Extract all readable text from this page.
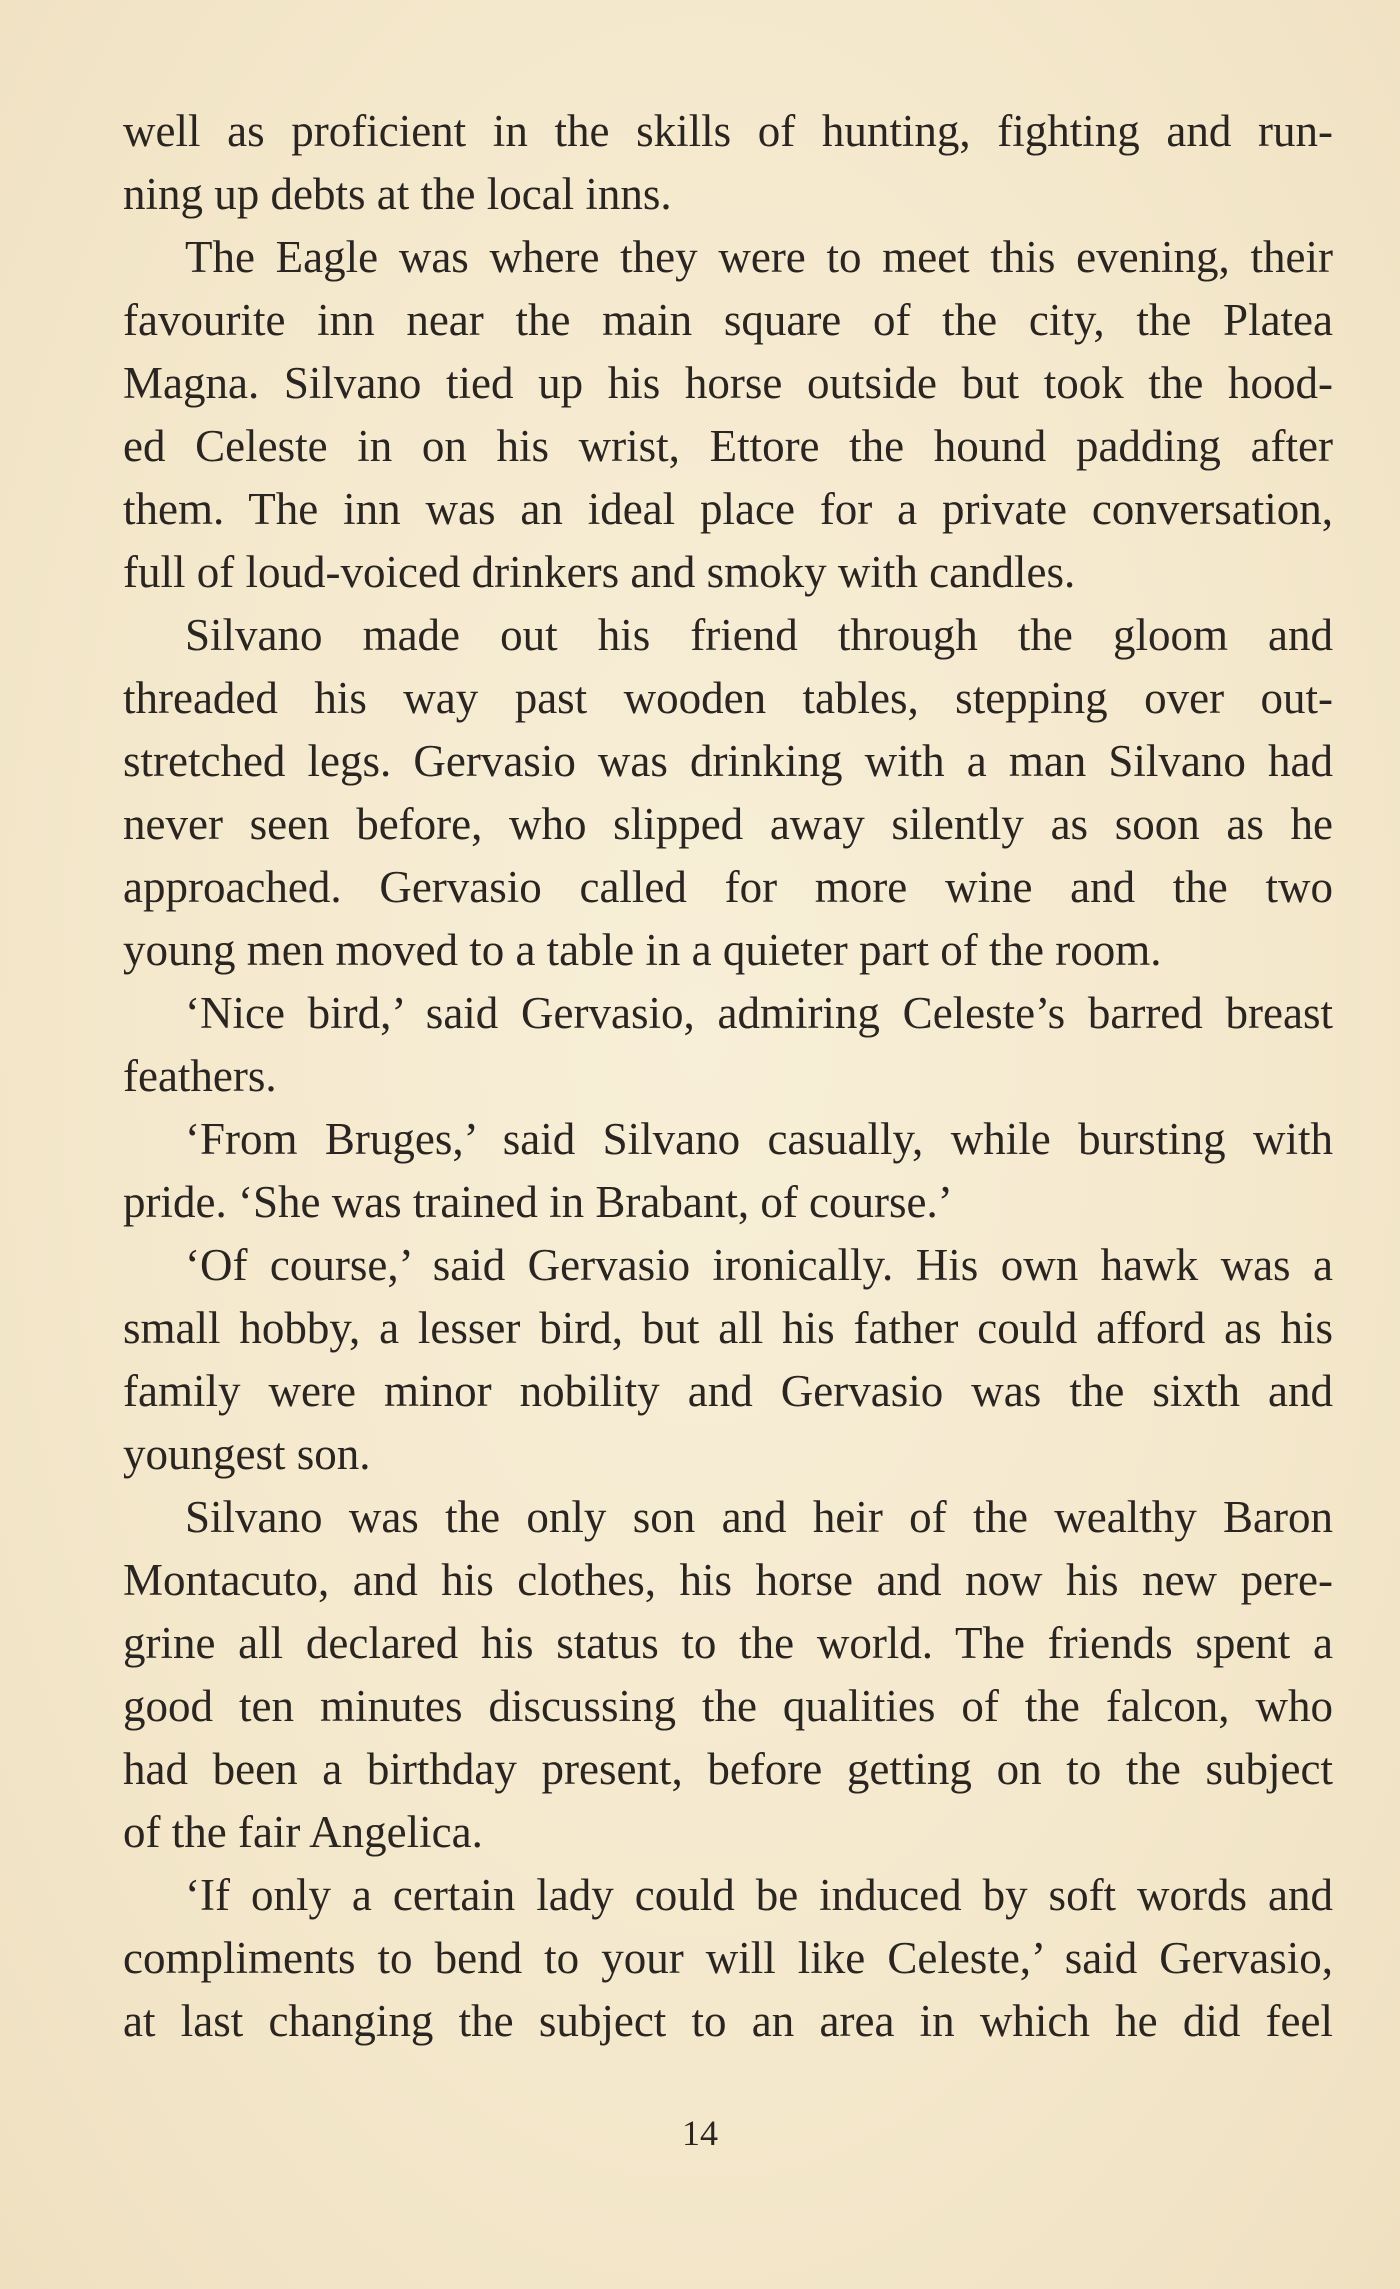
well as proficient in the skills of hunting, fighting and run-
ning up debts at the local inns.
The Eagle was where they were to meet this evening, their
favourite inn near the main square of the city, the Platea
Magna. Silvano tied up his horse outside but took the hood-
ed Celeste in on his wrist, Ettore the hound padding after
them. The inn was an ideal place for a private conversation,
full of loud-voiced drinkers and smoky with candles.
Silvano made out his friend through the gloom and
threaded his way past wooden tables, stepping over out-
stretched legs. Gervasio was drinking with a man Silvano had
never seen before, who slipped away silently as soon as he
approached. Gervasio called for more wine and the two
young men moved to a table in a quieter part of the room.
‘Nice bird,’ said Gervasio, admiring Celeste’s barred breast
feathers.
‘From Bruges,’ said Silvano casually, while bursting with
pride. ‘She was trained in Brabant, of course.’
‘Of course,’ said Gervasio ironically. His own hawk was a
small hobby, a lesser bird, but all his father could afford as his
family were minor nobility and Gervasio was the sixth and
youngest son.
Silvano was the only son and heir of the wealthy Baron
Montacuto, and his clothes, his horse and now his new pere-
grine all declared his status to the world. The friends spent a
good ten minutes discussing the qualities of the falcon, who
had been a birthday present, before getting on to the subject
of the fair Angelica.
‘If only a certain lady could be induced by soft words and
compliments to bend to your will like Celeste,’ said Gervasio,
at last changing the subject to an area in which he did feel
14
